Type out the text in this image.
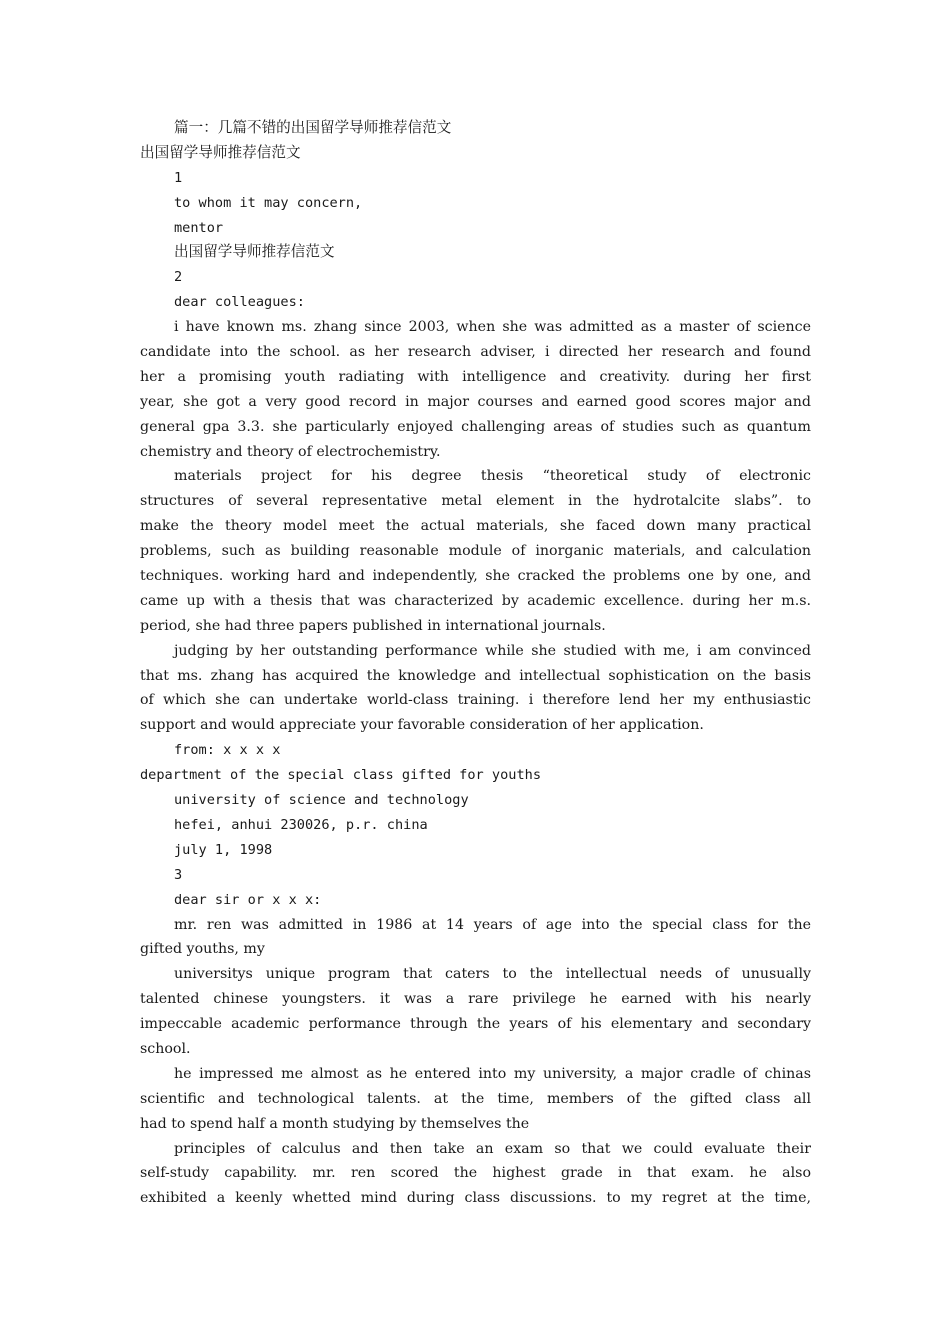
篇一：几篇不错的出国留学导师推荐信范文
出国留学导师推荐信范文
1
to whom it may concern,
mentor
出国留学导师推荐信范文
2
dear colleagues:
i have known ms. zhang since 2003, when she was admitted as a master of science
candidate into the school. as her research adviser, i directed her research and found
her a promising youth radiating with intelligence and creativity. during her first
year, she got a very good record in major courses and earned good scores major and
general gpa 3.3. she particularly enjoyed challenging areas of studies such as quantum
chemistry and theory of electrochemistry.
materials project for his degree thesis “theoretical study of electronic
structures of several representative metal element in the hydrotalcite slabs”. to
make the theory model meet the actual materials, she faced down many practical
problems, such as building reasonable module of inorganic materials, and calculation
techniques. working hard and independently, she cracked the problems one by one, and
came up with a thesis that was characterized by academic excellence. during her m.s.
period, she had three papers published in international journals.
judging by her outstanding performance while she studied with me, i am convinced
that ms. zhang has acquired the knowledge and intellectual sophistication on the basis
of which she can undertake world-class training. i therefore lend her my enthusiastic
support and would appreciate your favorable consideration of her application.
from: x x x x
department of the special class gifted for youths
university of science and technology
hefei, anhui 230026, p.r. china
july 1, 1998
3
dear sir or x x x:
mr. ren was admitted in 1986 at 14 years of age into the special class for the
gifted youths, my
universitys unique program that caters to the intellectual needs of unusually
talented chinese youngsters. it was a rare privilege he earned with his nearly
impeccable academic performance through the years of his elementary and secondary
school.
he impressed me almost as he entered into my university, a major cradle of chinas
scientific and technological talents. at the time, members of the gifted class all
had to spend half a month studying by themselves the
principles of calculus and then take an exam so that we could evaluate their
self-study capability. mr. ren scored the highest grade in that exam. he also
exhibited a keenly whetted mind during class discussions. to my regret at the time,
